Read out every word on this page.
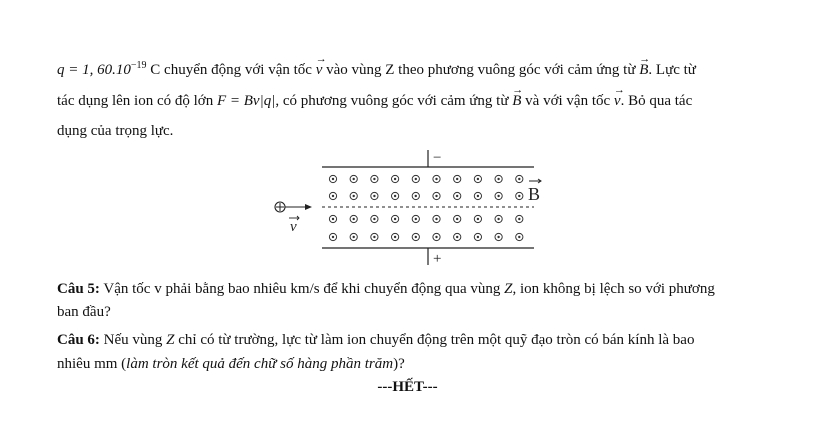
q = 1, $60.10^{-19}$ C chuyển động với vận tốc → v vào vùng Z theo phương vuông góc với cảm ứng từ → B. Lực từ
tác dụng lên ion có độ lớn F = Bv|q|, có phương vuông góc với cảm ứng từ → B và với vận tốc → v. Bỏ qua tác
dụng của trọng lực.
−
+
B
v
Câu 5: Vận tốc v phải bằng bao nhiêu km/s để khi chuyển động qua vùng Z, ion không bị lệch so với phương
ban đầu?
Câu 6: Nếu vùng Z chỉ có từ trường, lực từ làm ion chuyển động trên một quỹ đạo tròn có bán kính là bao
nhiêu mm (làm tròn kết quả đến chữ số hàng phần trăm)?
---HẾT---
